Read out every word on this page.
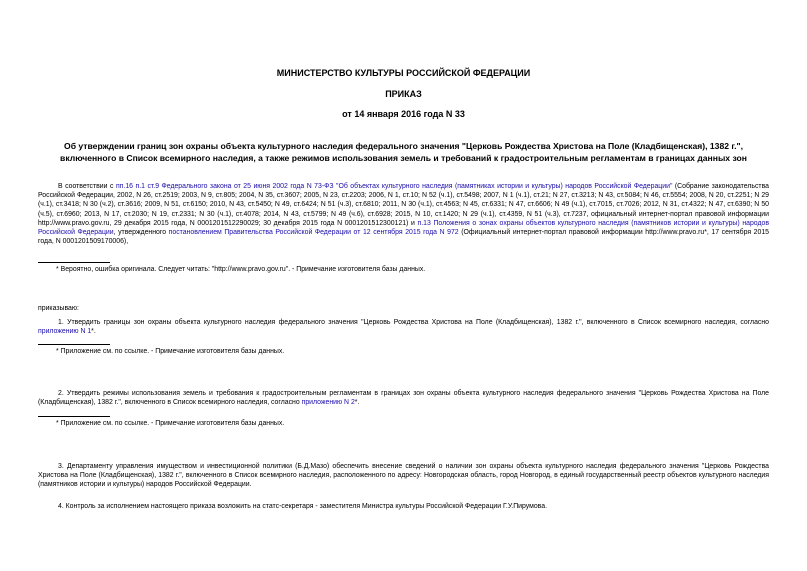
МИНИСТЕРСТВО КУЛЬТУРЫ РОССИЙСКОЙ ФЕДЕРАЦИИ
ПРИКАЗ
от 14 января 2016 года N 33
Об утверждении границ зон охраны объекта культурного наследия федерального значения "Церковь Рождества Христова на Поле (Кладбищенская), 1382 г.",
включенного в Список всемирного наследия, а также режимов использования земель и требований к градостроительным регламентам в границах данных зон
В соответствии с пп.16 п.1 ст.9 Федерального закона от 25 июня 2002 года N 73-ФЗ "Об объектах культурного наследия (памятниках истории и культуры) народов Российской Федерации" (Собрание законодательства Российской Федерации, 2002, N 26, ст.2519; 2003, N 9, ст.805; 2004, N 35, ст.3607; 2005, N 23, ст.2203; 2006, N 1, ст.10; N 52 (ч.1), ст.5498; 2007, N 1 (ч.1), ст.21; N 27, ст.3213; N 43, ст.5084; N 46, ст.5554; 2008, N 20, ст.2251; N 29 (ч.1), ст.3418; N 30 (ч.2), ст.3616; 2009, N 51, ст.6150; 2010, N 43, ст.5450; N 49, ст.6424; N 51 (ч.3), ст.6810; 2011, N 30 (ч.1), ст.4563; N 45, ст.6331; N 47, ст.6606; N 49 (ч.1), ст.7015, ст.7026; 2012, N 31, ст.4322; N 47, ст.6390; N 50 (ч.5), ст.6960; 2013, N 17, ст.2030; N 19, ст.2331; N 30 (ч.1), ст.4078; 2014, N 43, ст.5799; N 49 (ч.6), ст.6928; 2015, N 10, ст.1420; N 29 (ч.1), ст.4359, N 51 (ч.3), ст.7237, официальный интернет-портал правовой информации http://www.pravo.gov.ru, 29 декабря 2015 года, N 0001201512290029; 30 декабря 2015 года N 0001201512300121) и п.13 Положения о зонах охраны объектов культурного наследия (памятников истории и культуры) народов Российской Федерации, утвержденного постановлением Правительства Российской Федерации от 12 сентября 2015 года N 972 (Официальный интернет-портал правовой информации http://www.pravo.ru*, 17 сентября 2015 года, N 0001201509170006),
* Вероятно, ошибка оригинала. Следует читать: "http://www.pravo.gov.ru". - Примечание изготовителя базы данных.
приказываю:
1. Утвердить границы зон охраны объекта культурного наследия федерального значения "Церковь Рождества Христова на Поле (Кладбищенская), 1382 г.", включенного в Список всемирного наследия, согласно приложению N 1*.
* Приложение см. по ссылке. - Примечание изготовителя базы данных.
2. Утвердить режимы использования земель и требования к градостроительным регламентам в границах зон охраны объекта культурного наследия федерального значения "Церковь Рождества Христова на Поле (Кладбищенская), 1382 г.", включенного в Список всемирного наследия, согласно приложению N 2*.
* Приложение см. по ссылке. - Примечание изготовителя базы данных.
3. Департаменту управления имуществом и инвестиционной политики (Б.Д.Мазо) обеспечить внесение сведений о наличии зон охраны объекта культурного наследия федерального значения "Церковь Рождества Христова на Поле (Кладбищенская), 1382 г.", включенного в Список всемирного наследия, расположенного по адресу: Новгородская область, город Новгород, в единый государственный реестр объектов культурного наследия (памятников истории и культуры) народов Российской Федерации.
4. Контроль за исполнением настоящего приказа возложить на статс-секретаря - заместителя Министра культуры Российской Федерации Г.У.Пирумова.
